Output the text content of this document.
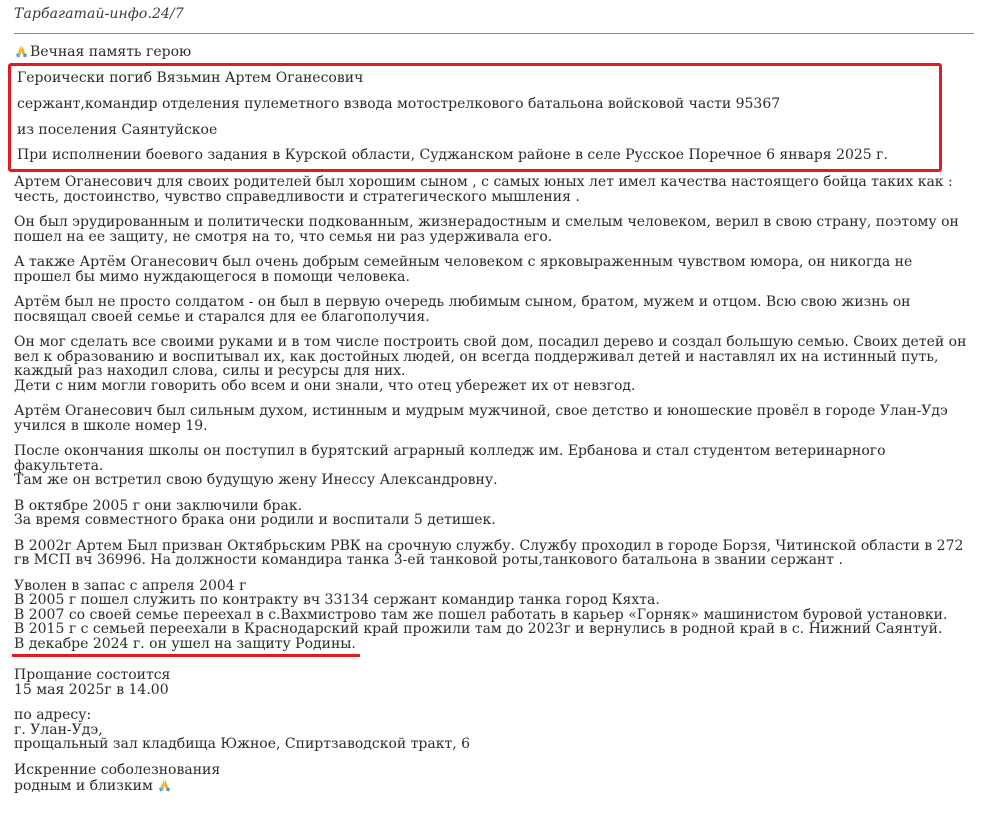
Тарбагатай-инфо.24/7
Вечная память герою
Героически погиб Вязьмин Артем Оганесович
сержант,командир отделения пулеметного взвода мотострелкового батальона войсковой части 95367
из поселения Саянтуйское
При исполнении боевого задания в Курской области, Суджанском районе в селе Русское Поречное 6 января 2025 г.

Артем Оганесович для своих родителей был хорошим сыном , с самых юных лет имел качества настоящего бойца таких как :
честь, достоинство, чувство справедливости и стратегического мышления .

Он был эрудированным и политически подкованным, жизнерадостным и смелым человеком, верил в свою страну, поэтому он
пошел на ее защиту, не смотря на то, что семья ни раз удерживала его.

А также Артём Оганесович был очень добрым семейным человеком с ярковыраженным чувством юмора, он никогда не
прошел бы мимо нуждающегося в помощи человека.

Артём был не просто солдатом - он был в первую очередь любимым сыном, братом, мужем и отцом. Всю свою жизнь он
посвящал своей семье и старался для ее благополучия.

Он мог сделать все своими руками и в том числе построить свой дом, посадил дерево и создал большую семью. Своих детей он
вел к образованию и воспитывал их, как достойных людей, он всегда поддерживал детей и наставлял их на истинный путь,
каждый раз находил слова, силы и ресурсы для них.
Дети с ним могли говорить обо всем и они знали, что отец убережет их от невзгод.

Артём Оганесович был сильным духом, истинным и мудрым мужчиной, свое детство и юношеские провёл в городе Улан-Удэ
учился в школе номер 19.

После окончания школы он поступил в бурятский аграрный колледж им. Ербанова и стал студентом ветеринарного
факультета.
Там же он встретил свою будущую жену Инессу Александровну.

В октябре 2005 г они заключили брак.
За время совместного брака они родили и воспитали 5 детишек.

В 2002г Артем Был призван Октябрьским РВК на срочную службу. Службу проходил в городе Борзя, Читинской области в 272
гв МСП вч 36996. На должности командира танка 3-ей танковой роты,танкового батальона в звании сержант .

Уволен в запас с апреля 2004 г
В 2005 г пошел служить по контракту вч 33134 сержант командир танка город Кяхта.
В 2007 со своей семье переехал в с.Вахмистрово там же пошел работать в карьер «Горняк» машинистом буровой установки.
В 2015 г с семьей переехали в Краснодарский край прожили там до 2023г и вернулись в родной край в с. Нижний Саянтуй.
В декабре 2024 г. он ушел на защиту Родины.

Прощание состоится
15 мая 2025г в 14.00

по адресу:
г. Улан-Удэ,
прощальный зал кладбища Южное, Спиртзаводской тракт, 6

Искренние соболезнования
родным и близким
